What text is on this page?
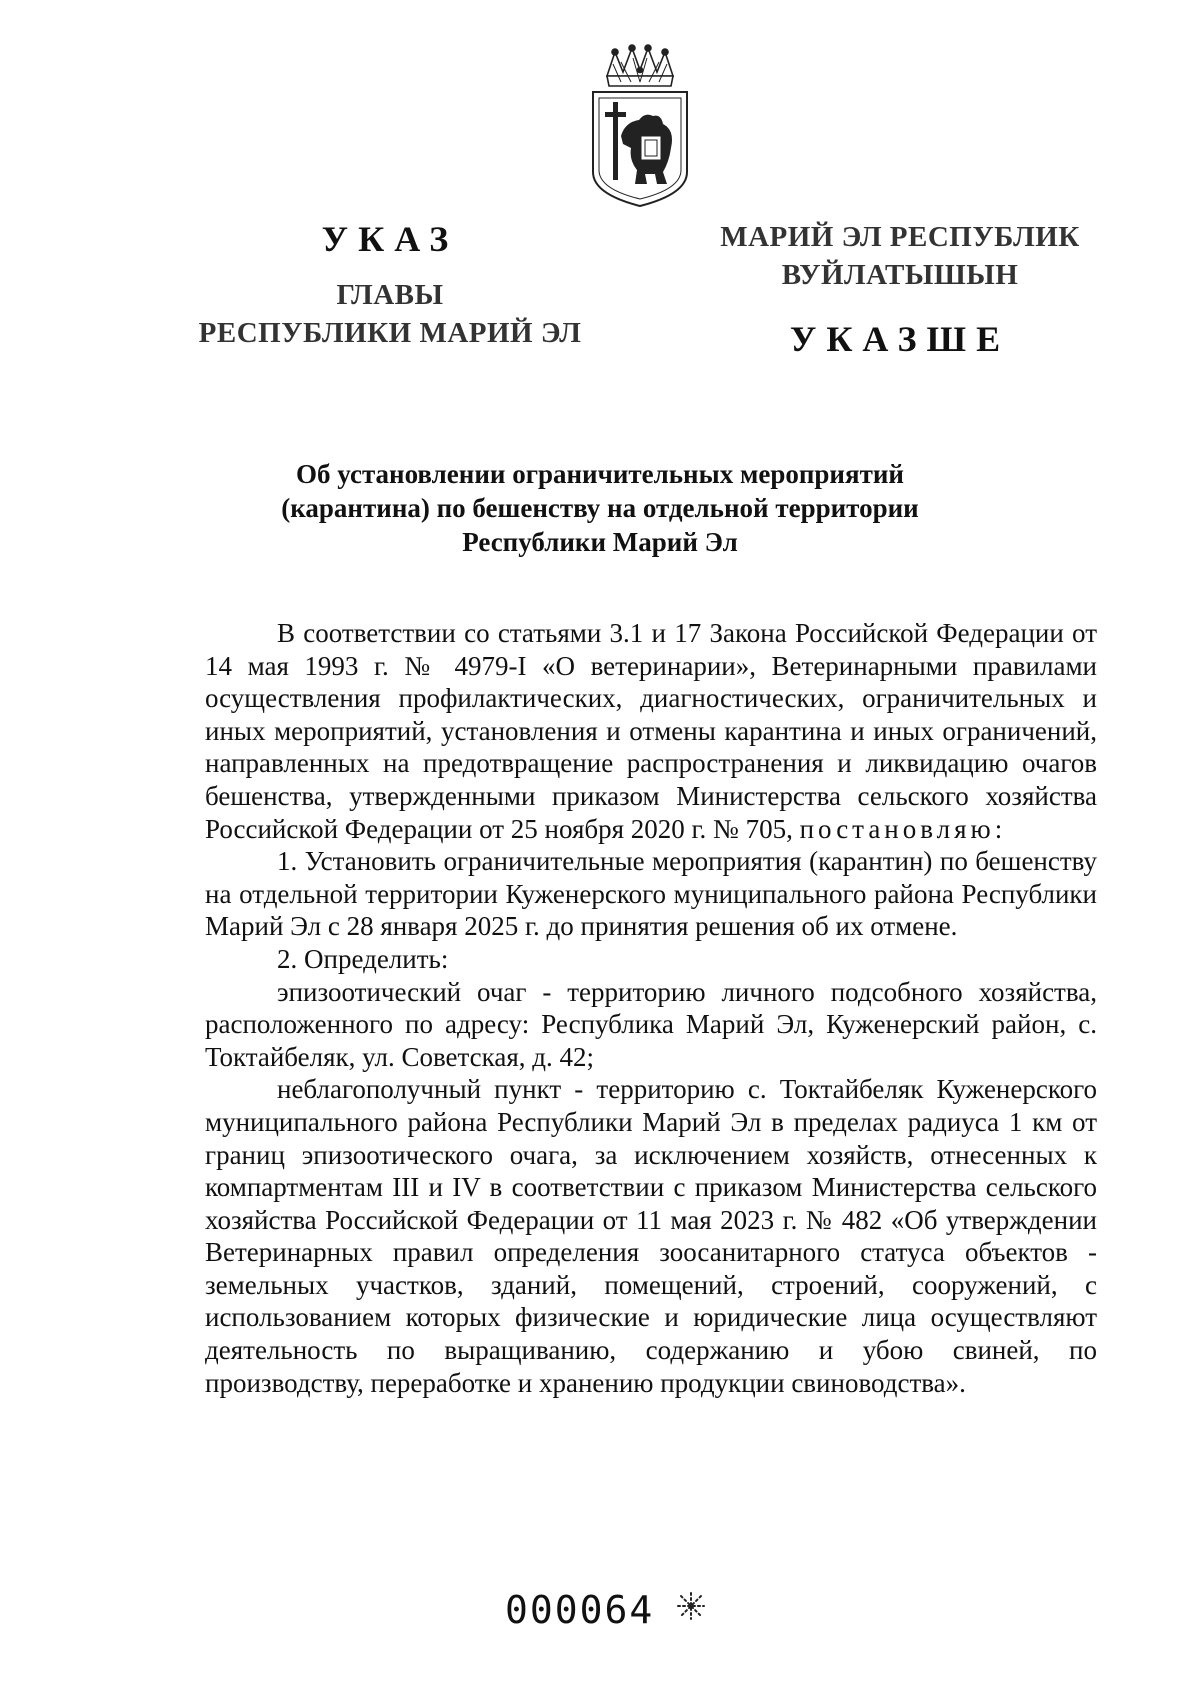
УКАЗ
ГЛАВЫ
РЕСПУБЛИКИ МАРИЙ ЭЛ
МАРИЙ ЭЛ РЕСПУБЛИК
ВУЙЛАТЫШЫН
УКАЗШЕ
Об установлении ограничительных мероприятий
(карантина) по бешенству на отдельной территории
Республики Марий Эл

В соответствии со статьями 3.1 и 17 Закона Российской Федерации от 14 мая 1993 г. № 4979-I «О ветеринарии», Ветеринарными правилами осуществления профилактических, диагностических, ограничительных и иных мероприятий, установления и отмены карантина и иных ограничений, направленных на предотвращение распространения и ликвидацию очагов бешенства, утвержденными приказом Министерства сельского хозяйства Российской Федерации от 25 ноября 2020 г. № 705, постановляю:

1. Установить ограничительные мероприятия (карантин) по бешенству на отдельной территории Куженерского муниципального района Республики Марий Эл с 28 января 2025 г. до принятия решения об их отмене.

2. Определить:

эпизоотический очаг - территорию личного подсобного хозяйства, расположенного по адресу: Республика Марий Эл, Куженерский район, с. Токтайбеляк, ул. Советская, д. 42;

неблагополучный пункт - территорию с. Токтайбеляк Куженерского муниципального района Республики Марий Эл в пределах радиуса 1 км от границ эпизоотического очага, за исключением хозяйств, отнесенных к компартментам III и IV в соответствии с приказом Министерства сельского хозяйства Российской Федерации от 11 мая 2023 г. № 482 «Об утверждении Ветеринарных правил определения зоосанитарного статуса объектов - земельных участков, зданий, помещений, строений, сооружений, с использованием которых физические и юридические лица осуществляют деятельность по выращиванию, содержанию и убою свиней, по производству, переработке и хранению продукции свиноводства».

000064
